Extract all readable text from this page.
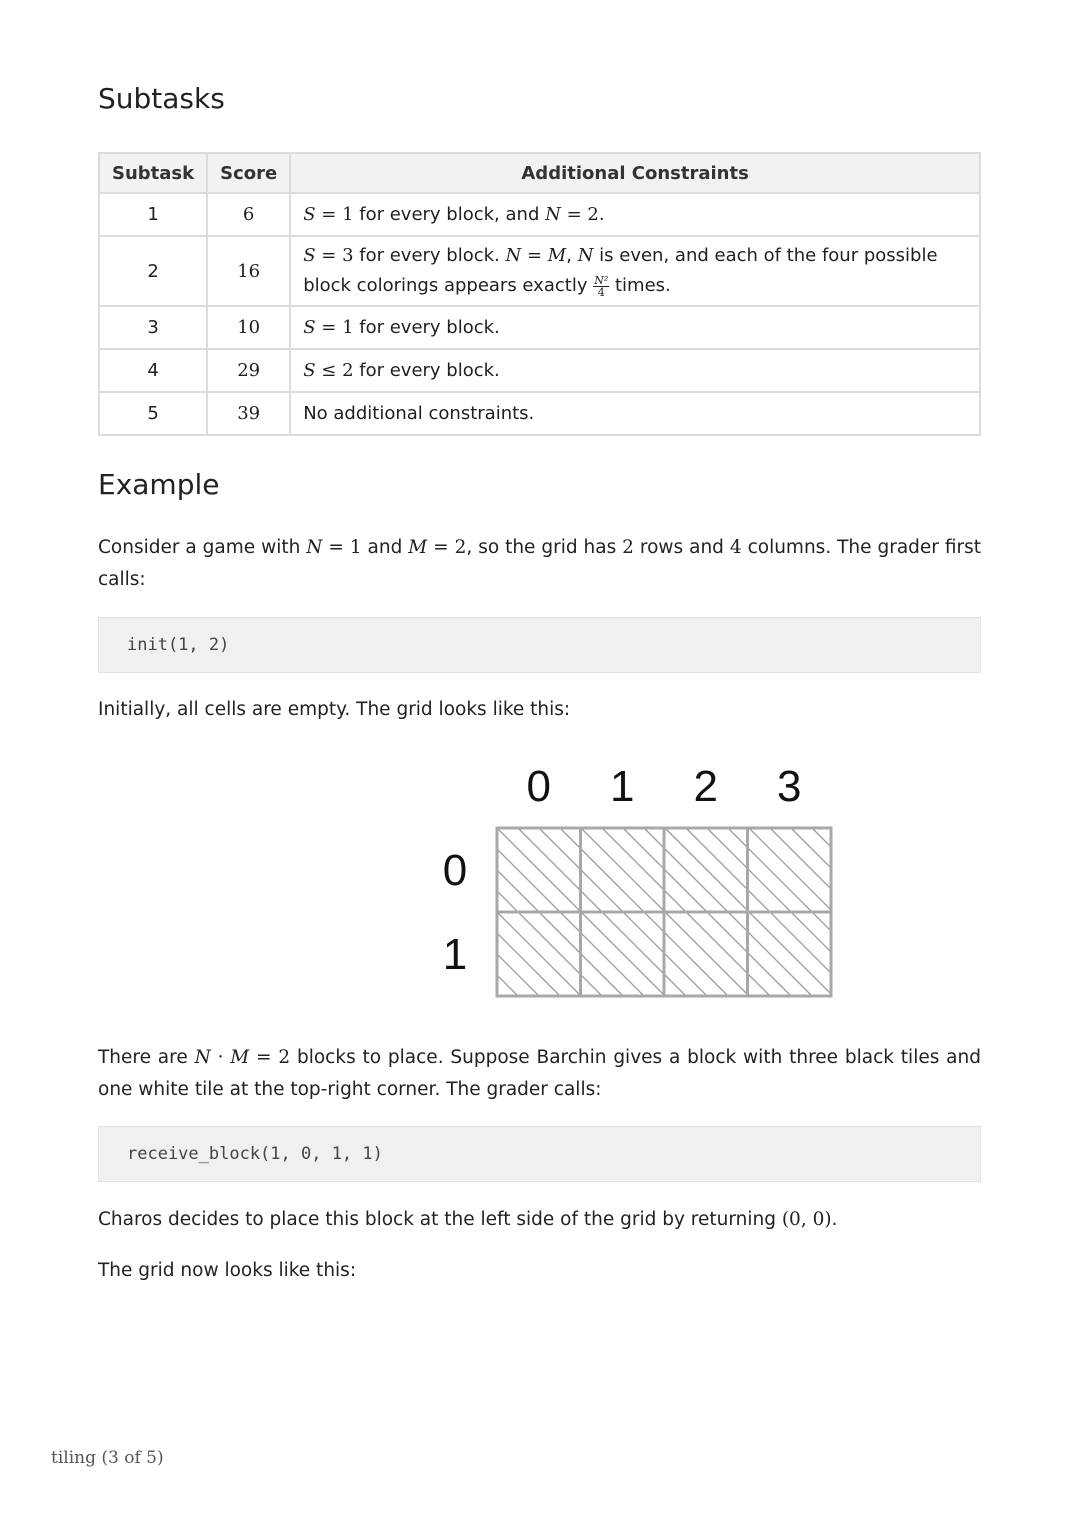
Subtasks
Subtask	Score	Additional Constraints
1	6	S = 1 for every block, and N = 2.
2	16	S = 3 for every block. N = M, N is even, and each of the four possible block colorings appears exactly $\frac{\text{N²}}{4}$ times.
3	10	S = 1 for every block.
4	29	S ≤ 2 for every block.
5	39	No additional constraints.
Example

Consider a game with N = 1 and M = 2, so the grid has 2 rows and 4 columns. The grader first calls:

init(1, 2)

Initially, all cells are empty. The grid looks like this:

0 1 2 3
0
1

There are N · M = 2 blocks to place. Suppose Barchin gives a block with three black tiles and one white tile at the top-right corner. The grader calls:

receive_block(1, 0, 1, 1)

Charos decides to place this block at the left side of the grid by returning (0, 0).

The grid now looks like this:

tiling (3 of 5)
